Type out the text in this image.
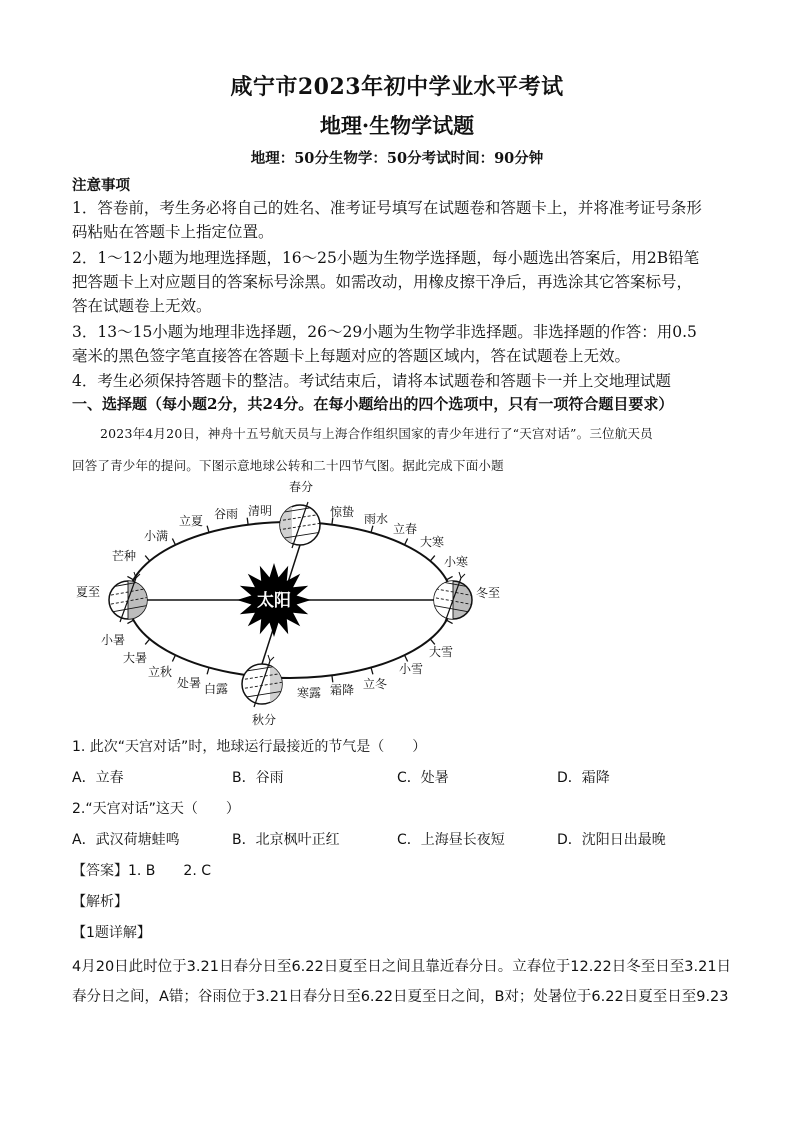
咸宁市2023年初中学业水平考试
地理·生物学试题
地理：50分生物学：50分考试时间：90分钟
注意事项
1．答卷前，考生务必将自己的姓名、准考证号填写在试题卷和答题卡上，并将准考证号条形
码粘贴在答题卡上指定位置。
2．1～12小题为地理选择题，16～25小题为生物学选择题，每小题选出答案后，用2B铅笔
把答题卡上对应题目的答案标号涂黑。如需改动，用橡皮擦干净后，再选涂其它答案标号，
答在试题卷上无效。
3．13～15小题为地理非选择题，26～29小题为生物学非选择题。非选择题的作答：用0.5
毫米的黑色签字笔直接答在答题卡上每题对应的答题区域内，答在试题卷上无效。
4．考生必须保持答题卡的整洁。考试结束后，请将本试题卷和答题卡一并上交地理试题
一、选择题（每小题2分，共24分。在每小题给出的四个选项中，只有一项符合题目要求）
2023年4月20日，神舟十五号航天员与上海合作组织国家的青少年进行了“天宫对话”。三位航天员
回答了青少年的提问。下图示意地球公转和二十四节气图。据此完成下面小题
太阳
春分
惊蛰 雨水
立春
大寒
小寒
冬至
大雪
小雪
立冬
霜降
寒露
秋分
白露
处暑
立秋
大暑
小暑
夏至
芒种
小满
立夏 谷雨 清明
1. 此次“天宫对话”时，地球运行最接近的节气是（　　）
A．立春	B．谷雨	C．处暑	D．霜降
2.“天宫对话”这天（　　）
A．武汉荷塘蛙鸣	B．北京枫叶正红	C．上海昼长夜短	D．沈阳日出最晚
【答案】1. B　　2. C
【解析】
【1题详解】
4月20日此时位于3.21日春分日至6.22日夏至日之间且靠近春分日。立春位于12.22日冬至日至3.21日
春分日之间，A错；谷雨位于3.21日春分日至6.22日夏至日之间，B对；处暑位于6.22日夏至日至9.23
